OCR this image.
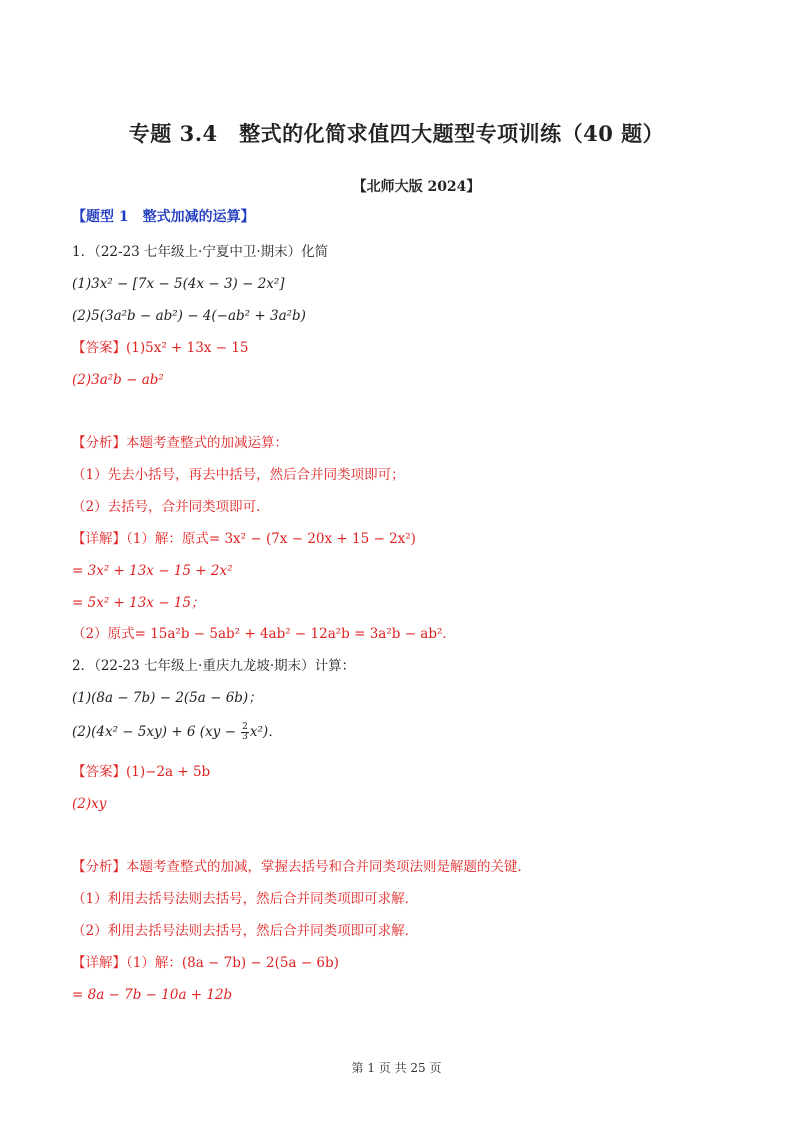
专题 3.4　整式的化简求值四大题型专项训练（40 题）
【北师大版 2024】
【题型 1　整式加减的运算】
1．（22-23 七年级上·宁夏中卫·期末）化简
(1)3x² − [7x − 5(4x − 3) − 2x²]
(2)5(3a²b − ab²) − 4(−ab² + 3a²b)
【答案】(1)5x² + 13x − 15
(2)3a²b − ab²
【分析】本题考查整式的加减运算：
（1）先去小括号，再去中括号，然后合并同类项即可；
（2）去括号，合并同类项即可．
【详解】（1）解：原式= 3x² − (7x − 20x + 15 − 2x²)
= 3x² + 13x − 15 + 2x²
= 5x² + 13x − 15；
（2）原式= 15a²b − 5ab² + 4ab² − 12a²b = 3a²b − ab²．
2．（22-23 七年级上·重庆九龙坡·期末）计算：
(1)(8a − 7b) − 2(5a − 6b)；
(2)(4x² − 5xy) + 6 $(xy - \frac{2}{3} x^2)$．
【答案】(1)−2a + 5b
(2)xy
【分析】本题考查整式的加减，掌握去括号和合并同类项法则是解题的关键．
（1）利用去括号法则去括号，然后合并同类项即可求解．
（2）利用去括号法则去括号，然后合并同类项即可求解．
【详解】（1）解：(8a − 7b) − 2(5a − 6b)
= 8a − 7b − 10a + 12b
第 1 页 共 25 页
